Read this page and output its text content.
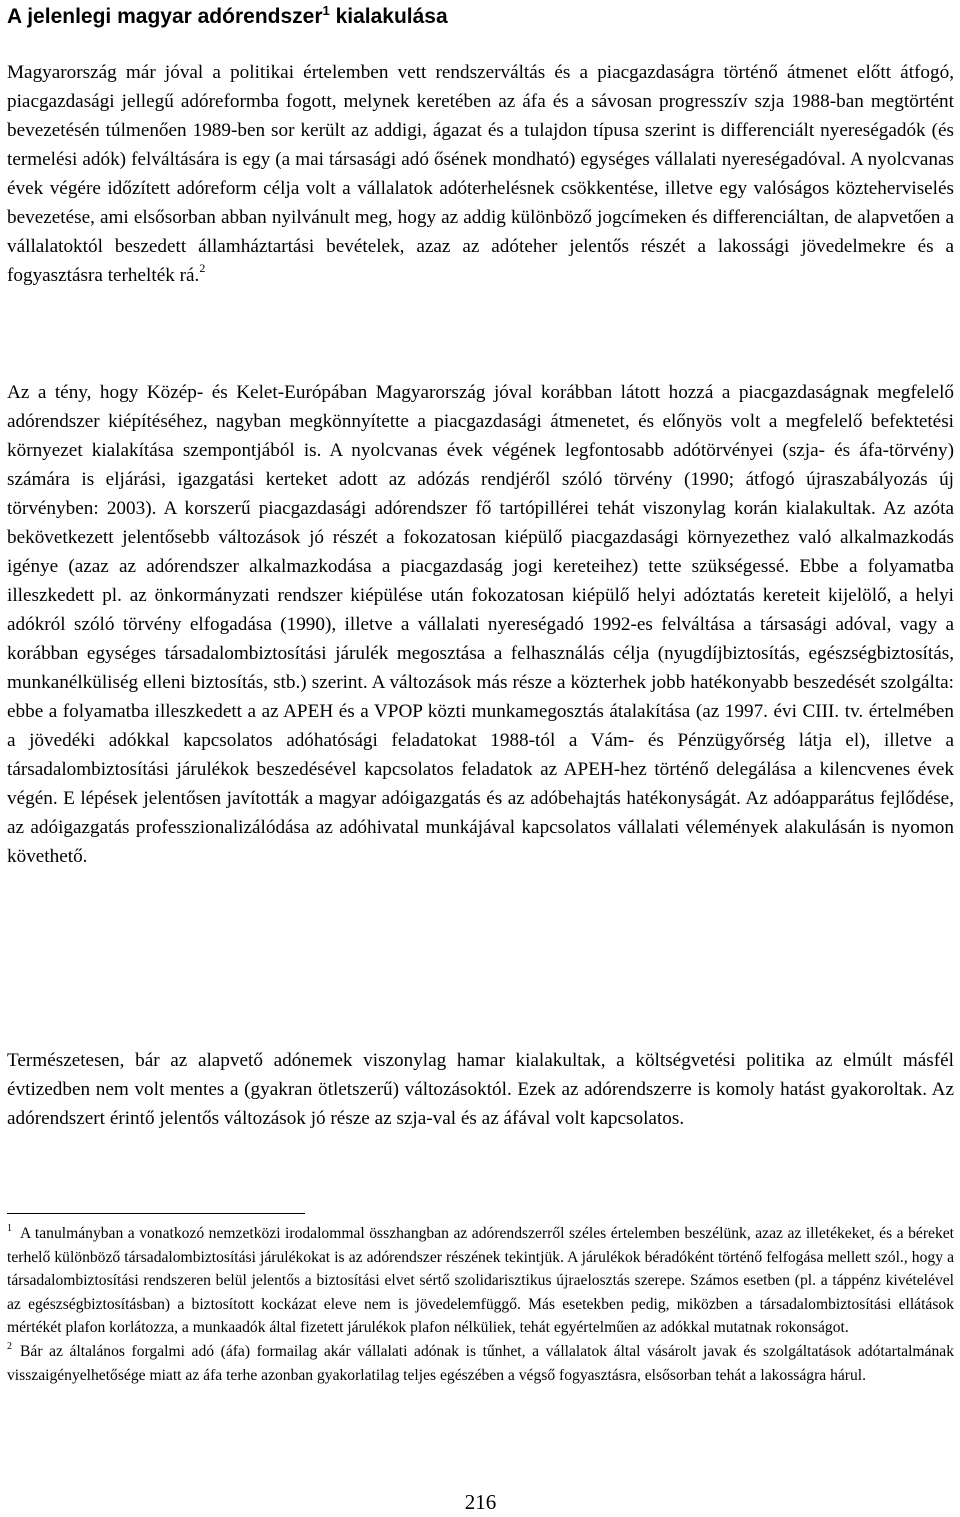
A jelenlegi magyar adórendszer$^1$ kialakulása

Magyarország már jóval a politikai értelemben vett rendszerváltás és a piacgazdaságra történő átmenet előtt átfogó, piacgazdasági jellegű adóreformba fogott, melynek keretében az áfa és a sávosan progresszív szja 1988-ban megtörtént bevezetésén túlmenően 1989-ben sor került az addigi, ágazat és a tulajdon típusa szerint is differenciált nyereségadók (és termelési adók) felváltására is egy (a mai társasági adó ősének mondható) egységes vállalati nyereségadóval. A nyolcvanas évek végére időzített adóreform célja volt a vállalatok adóterhelésnek csökkentése, illetve egy valóságos közteherviselés bevezetése, ami elsősorban abban nyilvánult meg, hogy az addig különböző jogcímeken és differenciáltan, de alapvetően a vállalatoktól beszedett államháztartási bevételek, azaz az adóteher jelentős részét a lakossági jövedelmekre és a fogyasztásra terhelték rá.$^2$

Az a tény, hogy Közép- és Kelet-Európában Magyarország jóval korábban látott hozzá a piacgazdaságnak megfelelő adórendszer kiépítéséhez, nagyban megkönnyítette a piacgazdasági átmenetet, és előnyös volt a megfelelő befektetési környezet kialakítása szempontjából is. A nyolcvanas évek végének legfontosabb adótörvényei (szja- és áfa-törvény) számára is eljárási, igazgatási kerteket adott az adózás rendjéről szóló törvény (1990; átfogó újraszabályozás új törvényben: 2003). A korszerű piacgazdasági adórendszer fő tartópillérei tehát viszonylag korán kialakultak. Az azóta bekövetkezett jelentősebb változások jó részét a fokozatosan kiépülő piacgazdasági környezethez való alkalmazkodás igénye (azaz az adórendszer alkalmazkodása a piacgazdaság jogi kereteihez) tette szükségessé. Ebbe a folyamatba illeszkedett pl. az önkormányzati rendszer kiépülése után fokozatosan kiépülő helyi adóztatás kereteit kijelölő, a helyi adókról szóló törvény elfogadása (1990), illetve a vállalati nyereségadó 1992-es felváltása a társasági adóval, vagy a korábban egységes társadalombiztosítási járulék megosztása a felhasználás célja (nyugdíjbiztosítás, egészségbiztosítás, munkanélküliség elleni biztosítás, stb.) szerint. A változások más része a közterhek jobb hatékonyabb beszedését szolgálta: ebbe a folyamatba illeszkedett a az APEH és a VPOP közti munkamegosztás átalakítása (az 1997. évi CIII. tv. értelmében a jövedéki adókkal kapcsolatos adóhatósági feladatokat 1988-tól a Vám- és Pénzügyőrség látja el), illetve a társadalombiztosítási járulékok beszedésével kapcsolatos feladatok az APEH-hez történő delegálása a kilencvenes évek végén. E lépések jelentősen javították a magyar adóigazgatás és az adóbehajtás hatékonyságát. Az adóapparátus fejlődése, az adóigazgatás professzionalizálódása az adóhivatal munkájával kapcsolatos vállalati vélemények alakulásán is nyomon követhető.

Természetesen, bár az alapvető adónemek viszonylag hamar kialakultak, a költségvetési politika az elmúlt másfél évtizedben nem volt mentes a (gyakran ötletszerű) változásoktól. Ezek az adórendszerre is komoly hatást gyakoroltak. Az adórendszert érintő jelentős változások jó része az szja-val és az áfával volt kapcsolatos.

$^1$ A tanulmányban a vonatkozó nemzetközi irodalommal összhangban az adórendszerről széles értelemben beszélünk, azaz az illetékeket, és a béreket terhelő különböző társadalombiztosítási járulékokat is az adórendszer részének tekintjük. A járulékok béradóként történő felfogása mellett szól., hogy a társadalombiztosítási rendszeren belül jelentős a biztosítási elvet sértő szolidarisztikus újraelosztás szerepe. Számos esetben (pl. a táppénz kivételével az egészségbiztosításban) a biztosított kockázat eleve nem is jövedelemfüggő. Más esetekben pedig, miközben a társadalombiztosítási ellátások mértékét plafon korlátozza, a munkaadók által fizetett járulékok plafon nélküliek, tehát egyértelműen az adókkal mutatnak rokonságot.

$^2$ Bár az általános forgalmi adó (áfa) formailag akár vállalati adónak is tűnhet, a vállalatok által vásárolt javak és szolgáltatások adótartalmának visszaigényelhetősége miatt az áfa terhe azonban gyakorlatilag teljes egészében a végső fogyasztásra, elsősorban tehát a lakosságra hárul.

216
